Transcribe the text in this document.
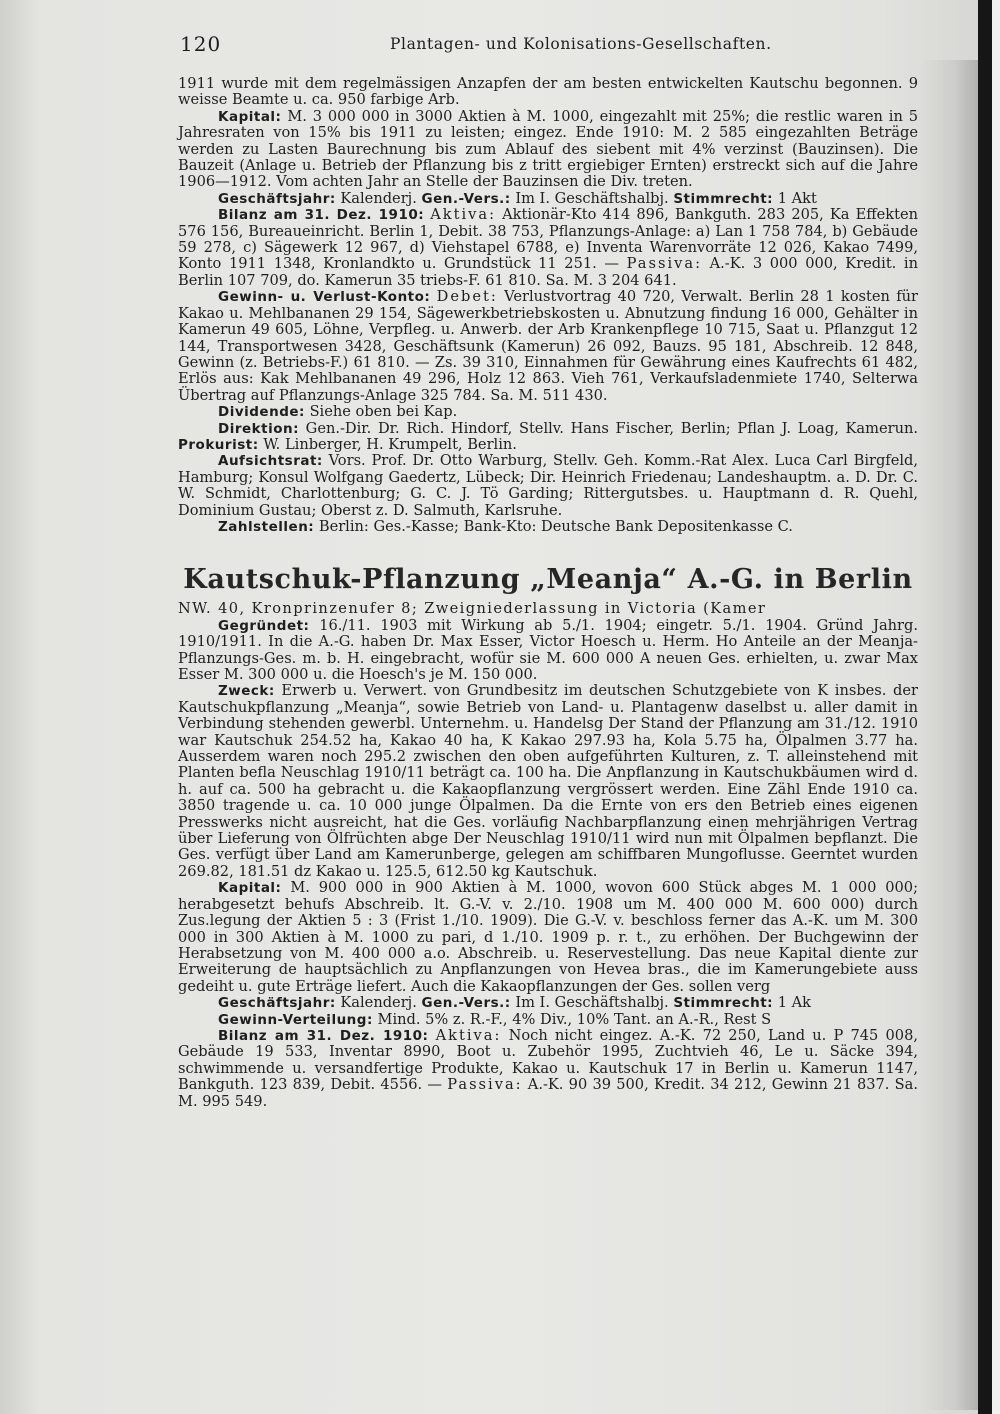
120	Plantagen- und Kolonisations-Gesellschaften.

1911 wurde mit dem regelmässigen Anzapfen der am besten entwickelten Kautschu begonnen. 9 weisse Beamte u. ca. 950 farbige Arb.

Kapital: M. 3 000 000 in 3000 Aktien à M. 1000, eingezahlt mit 25%; die restlic waren in 5 Jahresraten von 15% bis 1911 zu leisten; eingez. Ende 1910: M. 2 585 eingezahlten Beträge werden zu Lasten Baurechnung bis zum Ablauf des siebent mit 4% verzinst (Bauzinsen). Die Bauzeit (Anlage u. Betrieb der Pflanzung bis z tritt ergiebiger Ernten) erstreckt sich auf die Jahre 1906—1912. Vom achten Jahr an Stelle der Bauzinsen die Div. treten.

Geschäftsjahr: Kalenderj. Gen.-Vers.: Im I. Geschäftshalbj. Stimmrecht: 1 Akt

Bilanz am 31. Dez. 1910: Aktiva: Aktionär-Kto 414 896, Bankguth. 283 205, Ka Effekten 576 156, Bureaueinricht. Berlin 1, Debit. 38 753, Pflanzungs-Anlage: a) Lan 1 758 784, b) Gebäude 59 278, c) Sägewerk 12 967, d) Viehstapel 6788, e) Inventa Warenvorräte 12 026, Kakao 7499, Konto 1911 1348, Kronlandkto u. Grundstück 11 251. — Passiva: A.-K. 3 000 000, Kredit. in Berlin 107 709, do. Kamerun 35 triebs-F. 61 810. Sa. M. 3 204 641.

Gewinn- u. Verlust-Konto: Debet: Verlustvortrag 40 720, Verwalt. Berlin 28 1 kosten für Kakao u. Mehlbananen 29 154, Sägewerkbetriebskosten u. Abnutzung findung 16 000, Gehälter in Kamerun 49 605, Löhne, Verpfleg. u. Anwerb. der Arb Krankenpflege 10 715, Saat u. Pflanzgut 12 144, Transportwesen 3428, Geschäftsunk (Kamerun) 26 092, Bauzs. 95 181, Abschreib. 12 848, Gewinn (z. Betriebs-F.) 61 810. — Zs. 39 310, Einnahmen für Gewährung eines Kaufrechts 61 482, Erlös aus: Kak Mehlbananen 49 296, Holz 12 863. Vieh 761, Verkaufsladenmiete 1740, Selterwa Übertrag auf Pflanzungs-Anlage 325 784. Sa. M. 511 430.

Dividende: Siehe oben bei Kap.

Direktion: Gen.-Dir. Dr. Rich. Hindorf, Stellv. Hans Fischer, Berlin; Pflan J. Loag, Kamerun. Prokurist: W. Linberger, H. Krumpelt, Berlin.

Aufsichtsrat: Vors. Prof. Dr. Otto Warburg, Stellv. Geh. Komm.-Rat Alex. Luca Carl Birgfeld, Hamburg; Konsul Wolfgang Gaedertz, Lübeck; Dir. Heinrich Friedenau; Landeshauptm. a. D. Dr. C. W. Schmidt, Charlottenburg; G. C. J. Tö Garding; Rittergutsbes. u. Hauptmann d. R. Quehl, Dominium Gustau; Oberst z. D. Salmuth, Karlsruhe.

Zahlstellen: Berlin: Ges.-Kasse; Bank-Kto: Deutsche Bank Depositenkasse C.

Kautschuk-Pflanzung „Meanja“ A.-G. in Berlin

NW. 40, Kronprinzenufer 8; Zweigniederlassung in Victoria (Kamer

Gegründet: 16./11. 1903 mit Wirkung ab 5./1. 1904; eingetr. 5./1. 1904. Gründ Jahrg. 1910/1911. In die A.-G. haben Dr. Max Esser, Victor Hoesch u. Herm. Ho Anteile an der Meanja-Pflanzungs-Ges. m. b. H. eingebracht, wofür sie M. 600 000 A neuen Ges. erhielten, u. zwar Max Esser M. 300 000 u. die Hoesch's je M. 150 000.

Zweck: Erwerb u. Verwert. von Grundbesitz im deutschen Schutzgebiete von K insbes. der Kautschukpflanzung „Meanja“, sowie Betrieb von Land- u. Plantagenw daselbst u. aller damit in Verbindung stehenden gewerbl. Unternehm. u. Handelsg Der Stand der Pflanzung am 31./12. 1910 war Kautschuk 254.52 ha, Kakao 40 ha, K Kakao 297.93 ha, Kola 5.75 ha, Ölpalmen 3.77 ha. Ausserdem waren noch 295.2 zwischen den oben aufgeführten Kulturen, z. T. alleinstehend mit Planten befla Neuschlag 1910/11 beträgt ca. 100 ha. Die Anpflanzung in Kautschukbäumen wird d. h. auf ca. 500 ha gebracht u. die Kakaopflanzung vergrössert werden. Eine Zähl Ende 1910 ca. 3850 tragende u. ca. 10 000 junge Ölpalmen. Da die Ernte von ers den Betrieb eines eigenen Presswerks nicht ausreicht, hat die Ges. vorläufig Nachbarpflanzung einen mehrjährigen Vertrag über Lieferung von Ölfrüchten abge Der Neuschlag 1910/11 wird nun mit Ölpalmen bepflanzt. Die Ges. verfügt über Land am Kamerunberge, gelegen am schiffbaren Mungoflusse. Geerntet wurden 269.82, 181.51 dz Kakao u. 125.5, 612.50 kg Kautschuk.

Kapital: M. 900 000 in 900 Aktien à M. 1000, wovon 600 Stück abges M. 1 000 000; herabgesetzt behufs Abschreib. lt. G.-V. v. 2./10. 1908 um M. 400 000 M. 600 000) durch Zus.legung der Aktien 5 : 3 (Frist 1./10. 1909). Die G.-V. v. beschloss ferner das A.-K. um M. 300 000 in 300 Aktien à M. 1000 zu pari, d 1./10. 1909 p. r. t., zu erhöhen. Der Buchgewinn der Herabsetzung von M. 400 000 a.o. Abschreib. u. Reservestellung. Das neue Kapital diente zur Erweiterung de hauptsächlich zu Anpflanzungen von Hevea bras., die im Kamerungebiete auss gedeiht u. gute Erträge liefert. Auch die Kakaopflanzungen der Ges. sollen verg

Geschäftsjahr: Kalenderj. Gen.-Vers.: Im I. Geschäftshalbj. Stimmrecht: 1 Ak

Gewinn-Verteilung: Mind. 5% z. R.-F., 4% Div., 10% Tant. an A.-R., Rest S

Bilanz am 31. Dez. 1910: Aktiva: Noch nicht eingez. A.-K. 72 250, Land u. P 745 008, Gebäude 19 533, Inventar 8990, Boot u. Zubehör 1995, Zuchtvieh 46, Le u. Säcke 394, schwimmende u. versandfertige Produkte, Kakao u. Kautschuk 17 in Berlin u. Kamerun 1147, Bankguth. 123 839, Debit. 4556. — Passiva: A.-K. 90 39 500, Kredit. 34 212, Gewinn 21 837. Sa. M. 995 549.
